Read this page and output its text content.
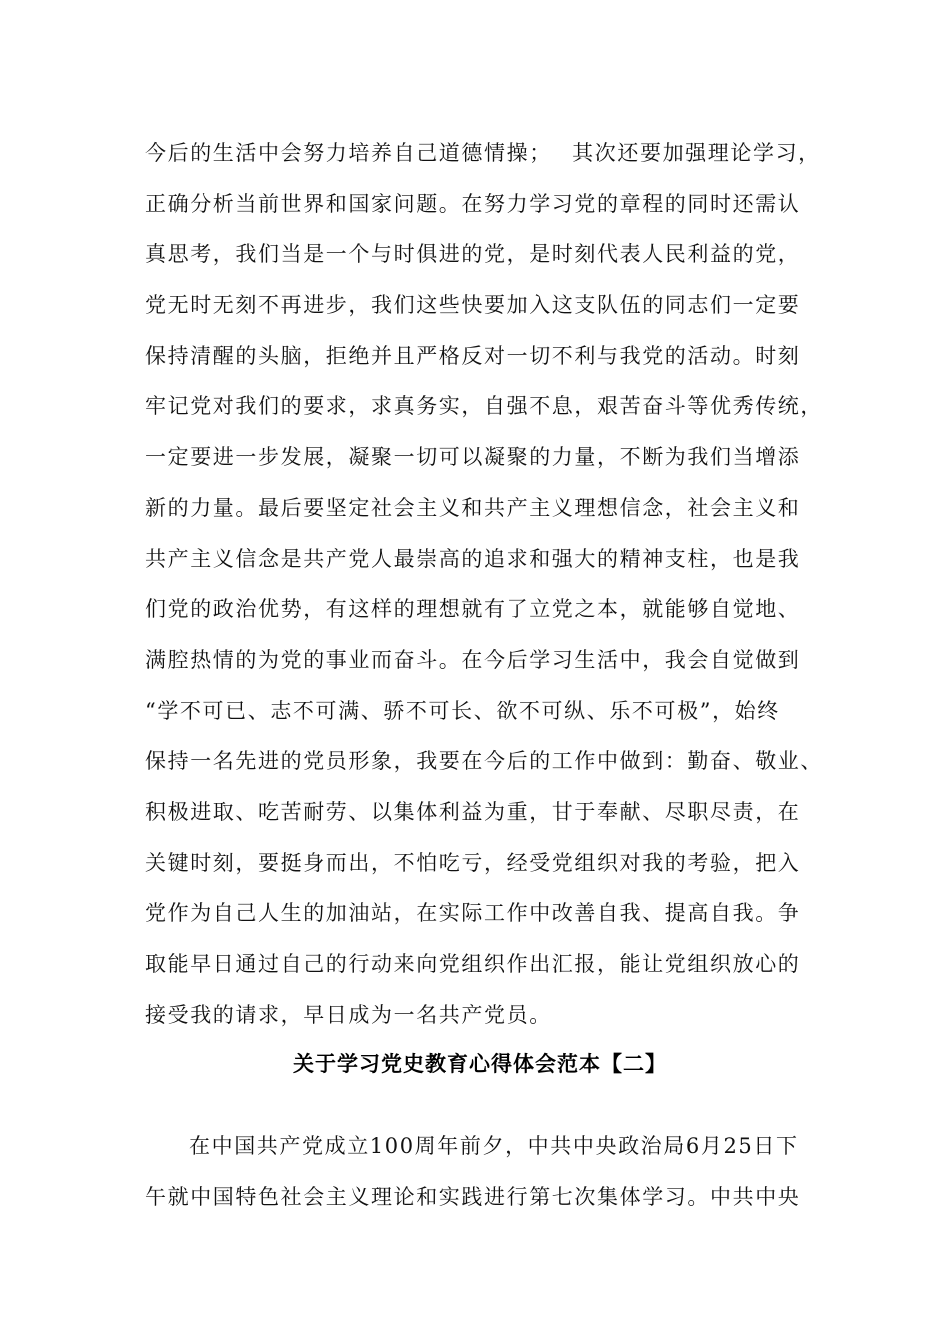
今后的生活中会努力培养自己道德情操；　 其次还要加强理论学习，
正确分析当前世界和国家问题。在努力学习党的章程的同时还需认
真思考，我们当是一个与时俱进的党，是时刻代表人民利益的党，
党无时无刻不再进步，我们这些快要加入这支队伍的同志们一定要
保持清醒的头脑，拒绝并且严格反对一切不利与我党的活动。时刻
牢记党对我们的要求，求真务实，自强不息，艰苦奋斗等优秀传统，
一定要进一步发展，凝聚一切可以凝聚的力量，不断为我们当增添
新的力量。最后要坚定社会主义和共产主义理想信念，社会主义和
共产主义信念是共产党人最崇高的追求和强大的精神支柱，也是我
们党的政治优势，有这样的理想就有了立党之本，就能够自觉地、
满腔热情的为党的事业而奋斗。在今后学习生活中，我会自觉做到
“学不可已、志不可满、骄不可长、欲不可纵、乐不可极”，始终
保持一名先进的党员形象，我要在今后的工作中做到：勤奋、敬业、
积极进取、吃苦耐劳、以集体利益为重，甘于奉献、尽职尽责，在
关键时刻，要挺身而出，不怕吃亏，经受党组织对我的考验，把入
党作为自己人生的加油站，在实际工作中改善自我、提高自我。争
取能早日通过自己的行动来向党组织作出汇报，能让党组织放心的
接受我的请求，早日成为一名共产党员。
关于学习党史教育心得体会范本【二】
在中国共产党成立100周年前夕，中共中央政治局6月25日下
午就中国特色社会主义理论和实践进行第七次集体学习。中共中央
